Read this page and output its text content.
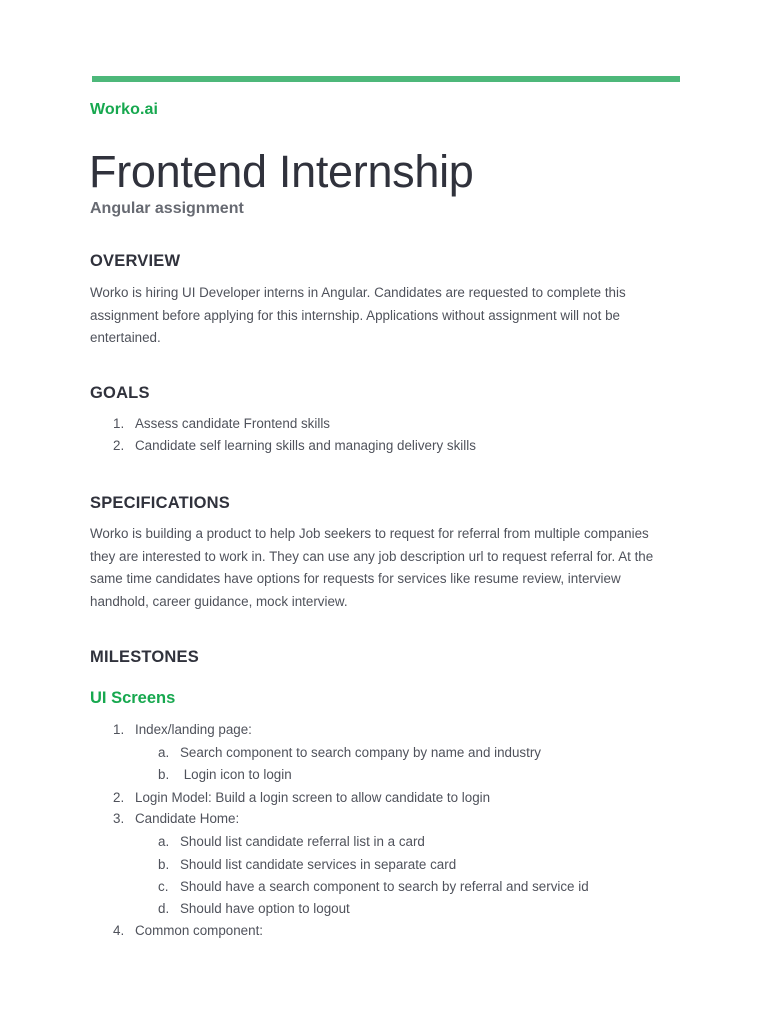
Worko.ai
Frontend Internship
Angular assignment
OVERVIEW
Worko is hiring UI Developer interns in Angular. Candidates are requested to complete this
assignment before applying for this internship. Applications without assignment will not be
entertained.
GOALS
1. Assess candidate Frontend skills
2. Candidate self learning skills and managing delivery skills
SPECIFICATIONS
Worko is building a product to help Job seekers to request for referral from multiple companies
they are interested to work in. They can use any job description url to request referral for. At the
same time candidates have options for requests for services like resume review, interview
handhold, career guidance, mock interview.
MILESTONES
UI Screens
1. Index/landing page:
a. Search component to search company by name and industry
b. Login icon to login
2. Login Model: Build a login screen to allow candidate to login
3. Candidate Home:
a. Should list candidate referral list in a card
b. Should list candidate services in separate card
c. Should have a search component to search by referral and service id
d. Should have option to logout
4. Common component:
